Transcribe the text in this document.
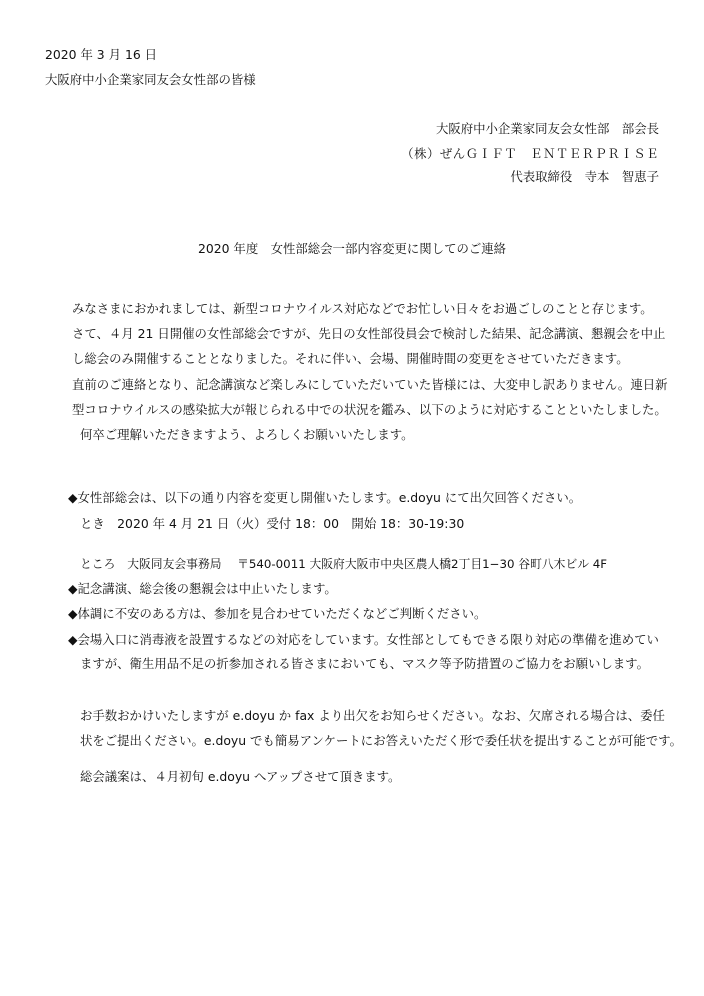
2020 年 3 月 16 日
大阪府中小企業家同友会女性部の皆様
大阪府中小企業家同友会女性部　部会長
（株）ぜんＧＩＦＴ　ＥＮＴＥＲＰＲＩＳＥ
代表取締役　寺本　智恵子
2020 年度　女性部総会一部内容変更に関してのご連絡
みなさまにおかれましては、新型コロナウイルス対応などでお忙しい日々をお過ごしのことと存じます。
さて、４月 21 日開催の女性部総会ですが、先日の女性部役員会で検討した結果、記念講演、懇親会を中止
し総会のみ開催することとなりました。それに伴い、会場、開催時間の変更をさせていただきます。
直前のご連絡となり、記念講演など楽しみにしていただいていた皆様には、大変申し訳ありません。連日新
型コロナウイルスの感染拡大が報じられる中での状況を鑑み、以下のように対応することといたしました。
何卒ご理解いただきますよう、よろしくお願いいたします。
◆女性部総会は、以下の通り内容を変更し開催いたします。e.doyu にて出欠回答ください。
とき　2020 年 4 月 21 日（火）受付 18：00　開始 18：30-19:30
ところ　大阪同友会事務局　 〒540-0011 大阪府大阪市中央区農人橋2丁目1−30 谷町八木ビル 4F
◆記念講演、総会後の懇親会は中止いたします。
◆体調に不安のある方は、参加を見合わせていただくなどご判断ください。
◆会場入口に消毒液を設置するなどの対応をしています。女性部としてもできる限り対応の準備を進めてい
ますが、衛生用品不足の折参加される皆さまにおいても、マスク等予防措置のご協力をお願いします。
お手数おかけいたしますが e.doyu か fax より出欠をお知らせください。なお、欠席される場合は、委任
状をご提出ください。e.doyu でも簡易アンケートにお答えいただく形で委任状を提出することが可能です。
総会議案は、４月初旬 e.doyu へアップさせて頂きます。
